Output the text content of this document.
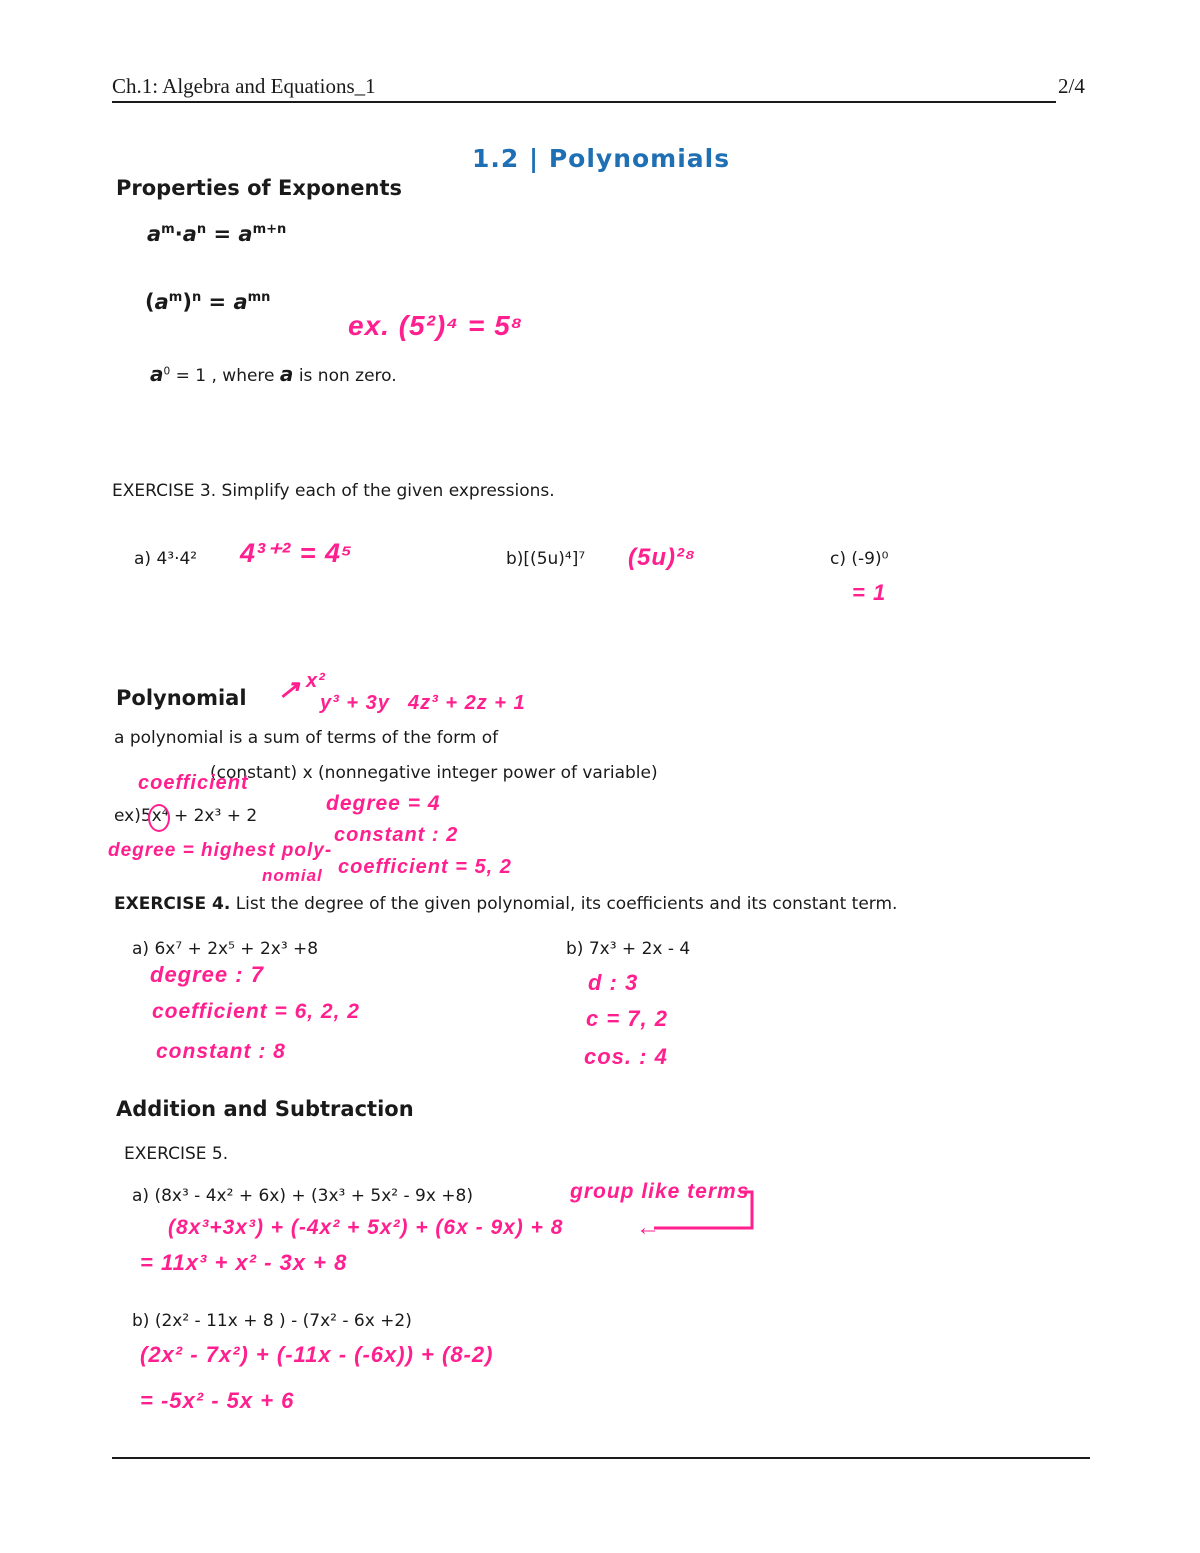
Ch.1: Algebra and Equations_1	2/4
1.2 | Polynomials
Properties of Exponents
$a^m\cdot a^n = a^{m+n}$
$(a^m)^n = a^{mn}$
ex. (5²)⁴ = 5⁸
$a^0 = 1$ , where a is non zero.
EXERCISE 3. Simplify each of the given expressions.
a) 4³·4² 4³⁺² = 4⁵	b)[(5u)⁴]⁷ (5u)²⁸	c) (-9)⁰
= 1
Polynomial ↗ x²
y³ + 3y 4z³ + 2z + 1
a polynomial is a sum of terms of the form of
(constant) x (nonnegative integer power of variable)
coefficient
ex)5x⁴ + 2x³ + 2
degree = highest poly-
nomial
degree = 4
constant : 2
coefficient = 5, 2
EXERCISE 4. List the degree of the given polynomial, its coefficients and its constant term.
a) 6x⁷ + 2x⁵ + 2x³ +8	b) 7x³ + 2x - 4
degree : 7
coefficient = 6, 2, 2
constant : 8
d : 3
c = 7, 2
cos. : 4
Addition and Subtraction
EXERCISE 5.
a) (8x³ - 4x² + 6x) + (3x³ + 5x² - 9x +8)	group like terms
(8x³+3x³) + (-4x² + 5x²) + (6x - 9x) + 8	←
= 11x³ + x² - 3x + 8
b) (2x² - 11x + 8 ) - (7x² - 6x +2)
(2x² - 7x²) + (-11x - (-6x)) + (8-2)
= -5x² - 5x + 6
